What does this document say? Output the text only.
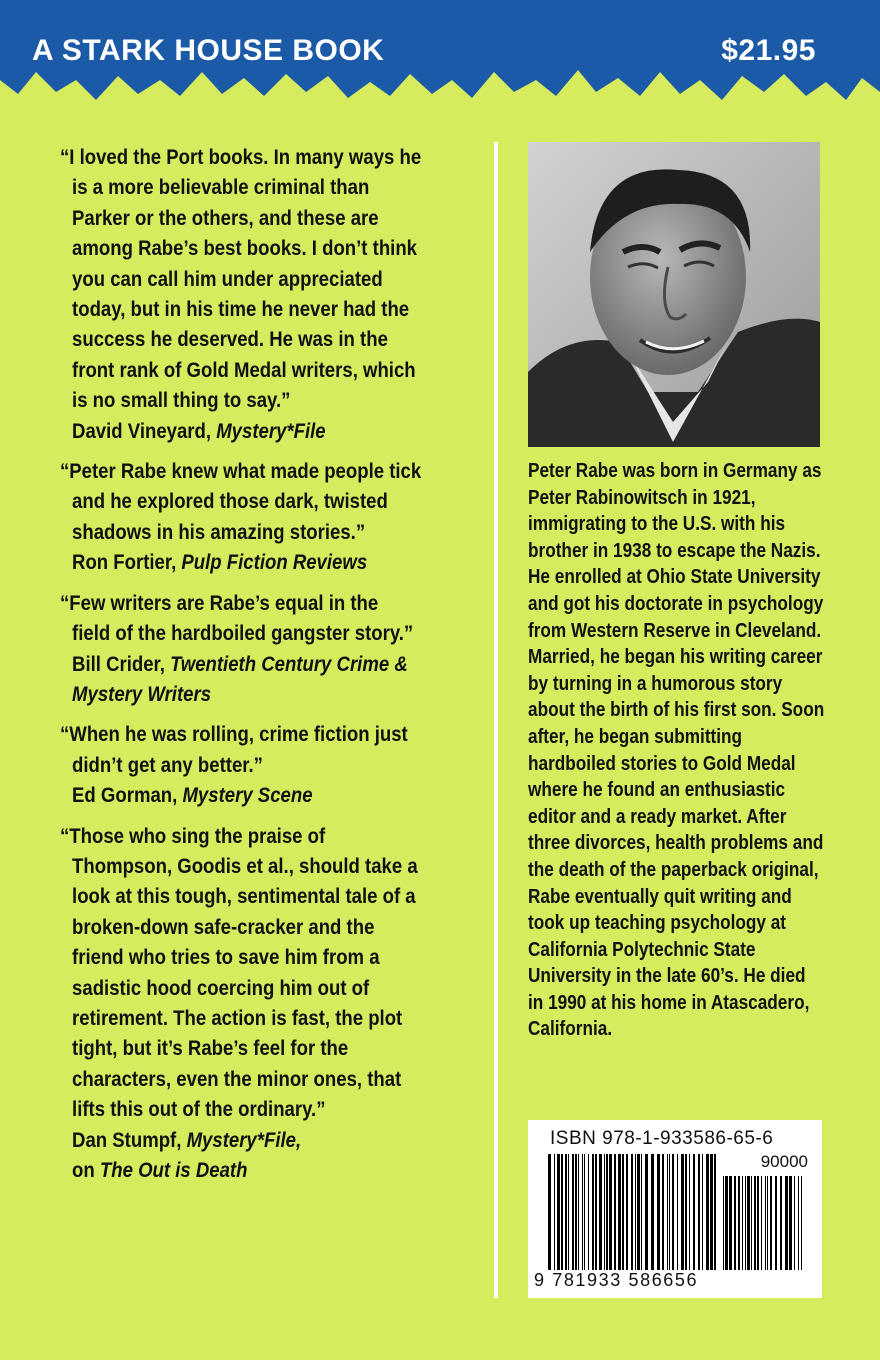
A STARK HOUSE BOOK	$21.95
“I loved the Port books. In many ways he is a more believable criminal than Parker or the others, and these are among Rabe’s best books. I don’t think you can call him under appreciated today, but in his time he never had the success he deserved. He was in the front rank of Gold Medal writers, which is no small thing to say.”
David Vineyard, Mystery*File
“Peter Rabe knew what made people tick and he explored those dark, twisted shadows in his amazing stories.”
Ron Fortier, Pulp Fiction Reviews
“Few writers are Rabe’s equal in the field of the hardboiled gangster story.”
Bill Crider, Twentieth Century Crime & Mystery Writers
“When he was rolling, crime fiction just didn’t get any better.”
Ed Gorman, Mystery Scene
“Those who sing the praise of Thompson, Goodis et al., should take a look at this tough, sentimental tale of a broken-down safe-cracker and the friend who tries to save him from a sadistic hood coercing him out of retirement. The action is fast, the plot tight, but it’s Rabe’s feel for the characters, even the minor ones, that lifts this out of the ordinary.”
Dan Stumpf, Mystery*File,
on The Out is Death
Peter Rabe was born in Germany as Peter Rabinowitsch in 1921, immigrating to the U.S. with his brother in 1938 to escape the Nazis. He enrolled at Ohio State University and got his doctorate in psychology from Western Reserve in Cleveland. Married, he began his writing career by turning in a humorous story about the birth of his first son. Soon after, he began submitting hardboiled stories to Gold Medal where he found an enthusiastic editor and a ready market. After three divorces, health problems and the death of the paperback original, Rabe eventually quit writing and took up teaching psychology at California Polytechnic State University in the late 60’s. He died in 1990 at his home in Atascadero, California.
ISBN 978-1-933586-65-6
90000
9 781933 586656
